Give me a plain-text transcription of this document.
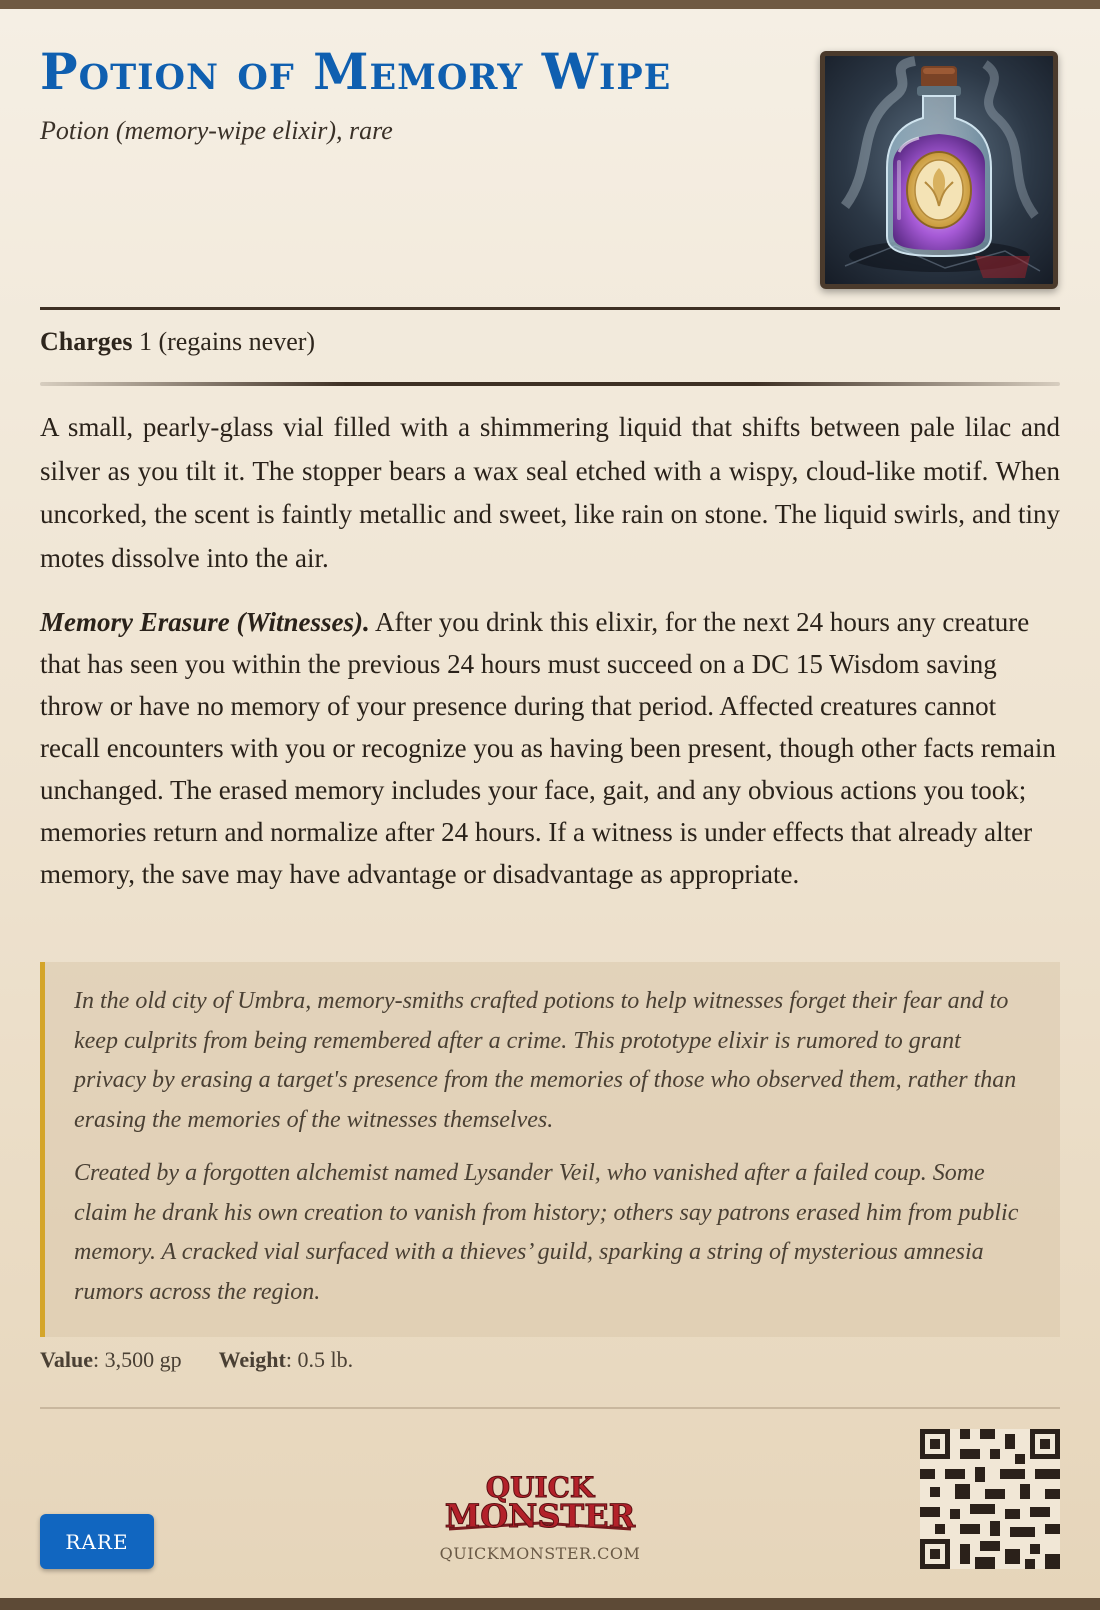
Potion of Memory Wipe
Potion (memory-wipe elixir), rare
Charges 1 (regains never)

A small, pearly-glass vial filled with a shimmering liquid that shifts between pale lilac and silver as you tilt it. The stopper bears a wax seal etched with a wispy, cloud-like motif. When uncorked, the scent is faintly metallic and sweet, like rain on stone. The liquid swirls, and tiny motes dissolve into the air.

Memory Erasure (Witnesses). After you drink this elixir, for the next 24 hours any creature that has seen you within the previous 24 hours must succeed on a DC 15 Wisdom saving throw or have no memory of your presence during that period. Affected creatures cannot recall encounters with you or recognize you as having been present, though other facts remain unchanged. The erased memory includes your face, gait, and any obvious actions you took; memories return and normalize after 24 hours. If a witness is under effects that already alter memory, the save may have advantage or disadvantage as appropriate.

In the old city of Umbra, memory-smiths crafted potions to help witnesses forget their fear and to keep culprits from being remembered after a crime. This prototype elixir is rumored to grant privacy by erasing a target's presence from the memories of those who observed them, rather than erasing the memories of the witnesses themselves.

Created by a forgotten alchemist named Lysander Veil, who vanished after a failed coup. Some claim he drank his own creation to vanish from history; others say patrons erased him from public memory. A cracked vial surfaced with a thieves’ guild, sparking a string of mysterious amnesia rumors across the region.

Value: 3,500 gp Weight: 0.5 lb.
RARE
QUICK
MONSTER
QUICKMONSTER.COM
